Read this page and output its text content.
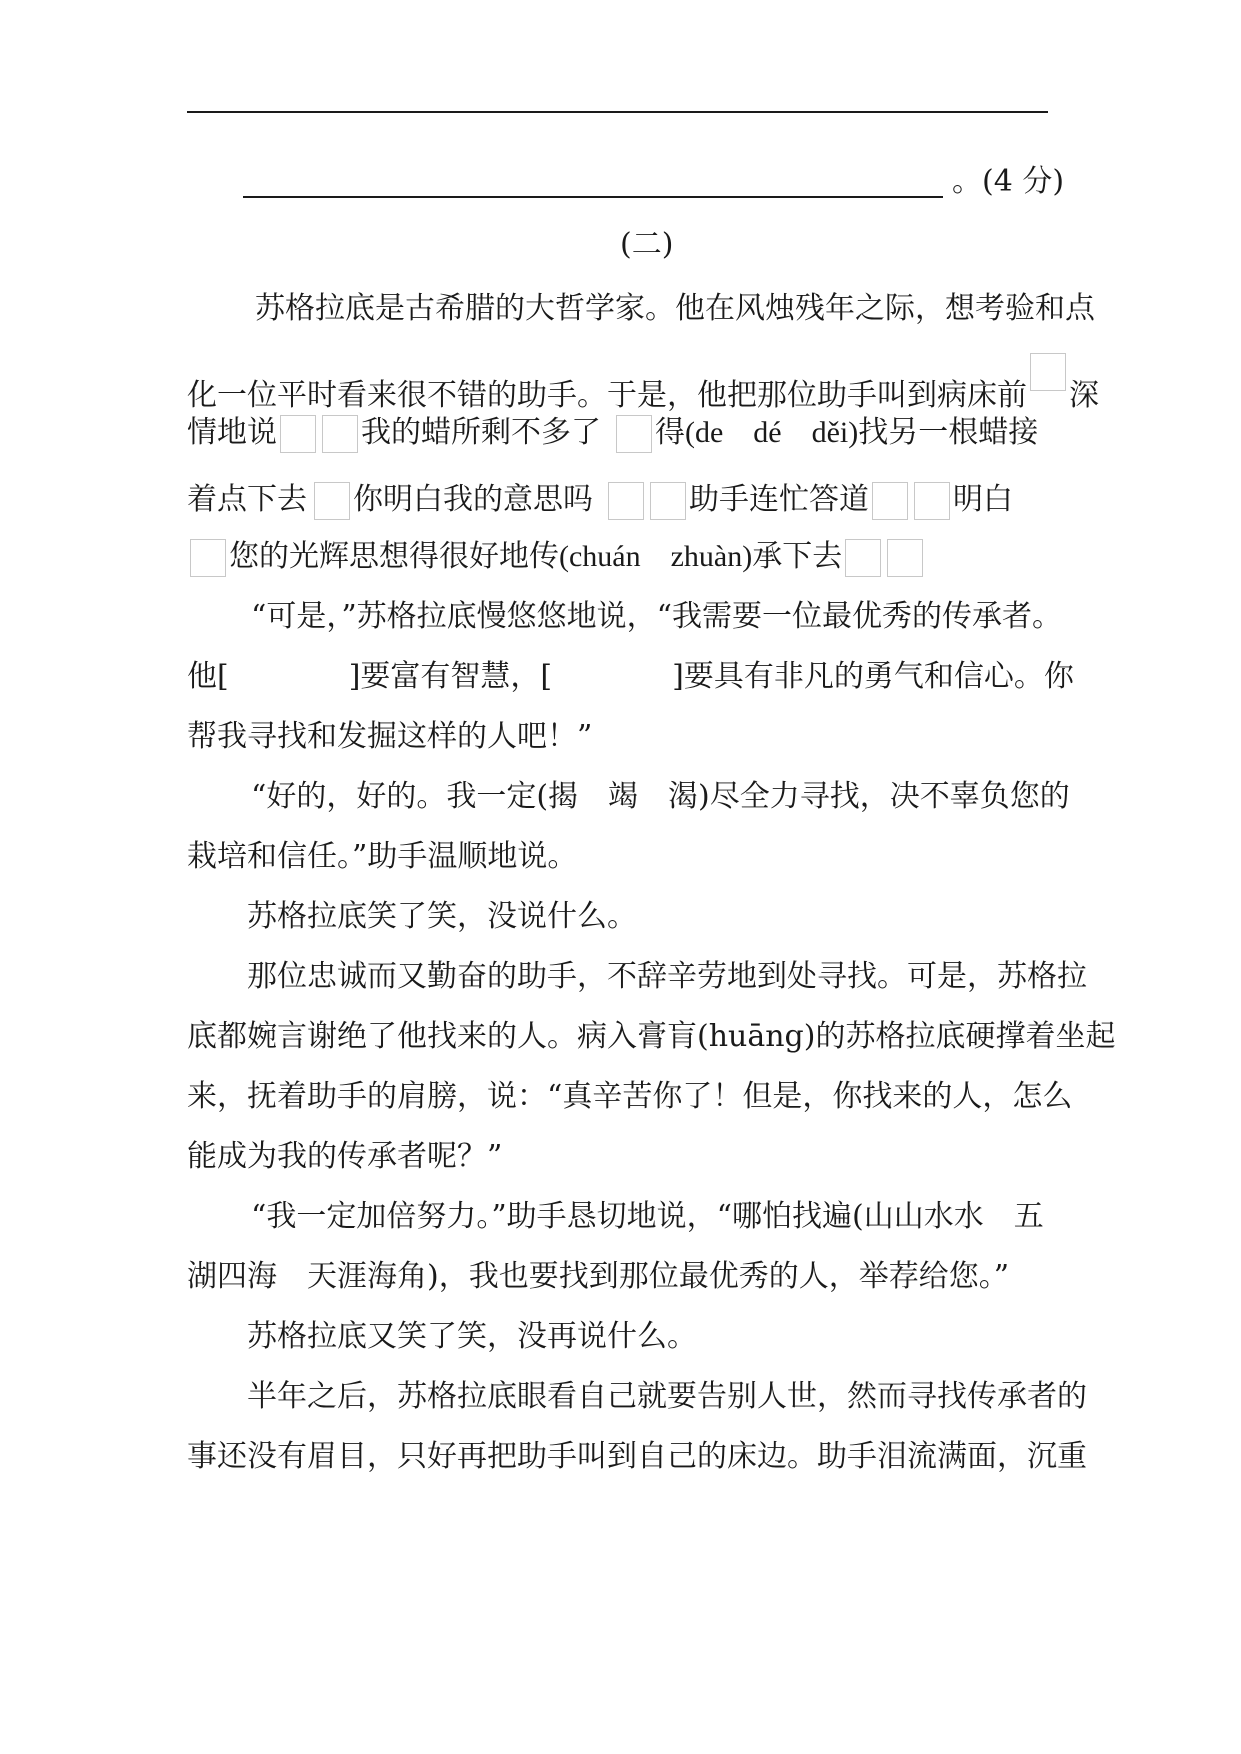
。(4 分)
(二)
苏格拉底是古希腊的大哲学家。他在风烛残年之际，想考验和点
化一位平时看来很不错的助手。于是，他把那位助手叫到病床前 深
情地说	我的蜡所剩不多了 得(de　dé　děi)找另一根蜡接
着点下去 你明白我的意思吗	助手连忙答道	明白
您的光辉思想得很好地传(chuán　zhuàn)承下去
“可是，”苏格拉底慢悠悠地说，“我需要一位最优秀的传承者。
他[	]要富有智慧，[	]要具有非凡的勇气和信心。你
帮我寻找和发掘这样的人吧！”
“好的，好的。我一定(揭　竭　渴)尽全力寻找，决不辜负您的
栽培和信任。”助手温顺地说。
苏格拉底笑了笑，没说什么。
那位忠诚而又勤奋的助手，不辞辛劳地到处寻找。可是，苏格拉
底都婉言谢绝了他找来的人。病入膏肓(huāng)的苏格拉底硬撑着坐起
来，抚着助手的肩膀，说：“真辛苦你了！但是，你找来的人，怎么
能成为我的传承者呢？”
“我一定加倍努力。”助手恳切地说，“哪怕找遍(山山水水　五
湖四海　天涯海角)，我也要找到那位最优秀的人，举荐给您。”
苏格拉底又笑了笑，没再说什么。
半年之后，苏格拉底眼看自己就要告别人世，然而寻找传承者的
事还没有眉目，只好再把助手叫到自己的床边。助手泪流满面，沉重
